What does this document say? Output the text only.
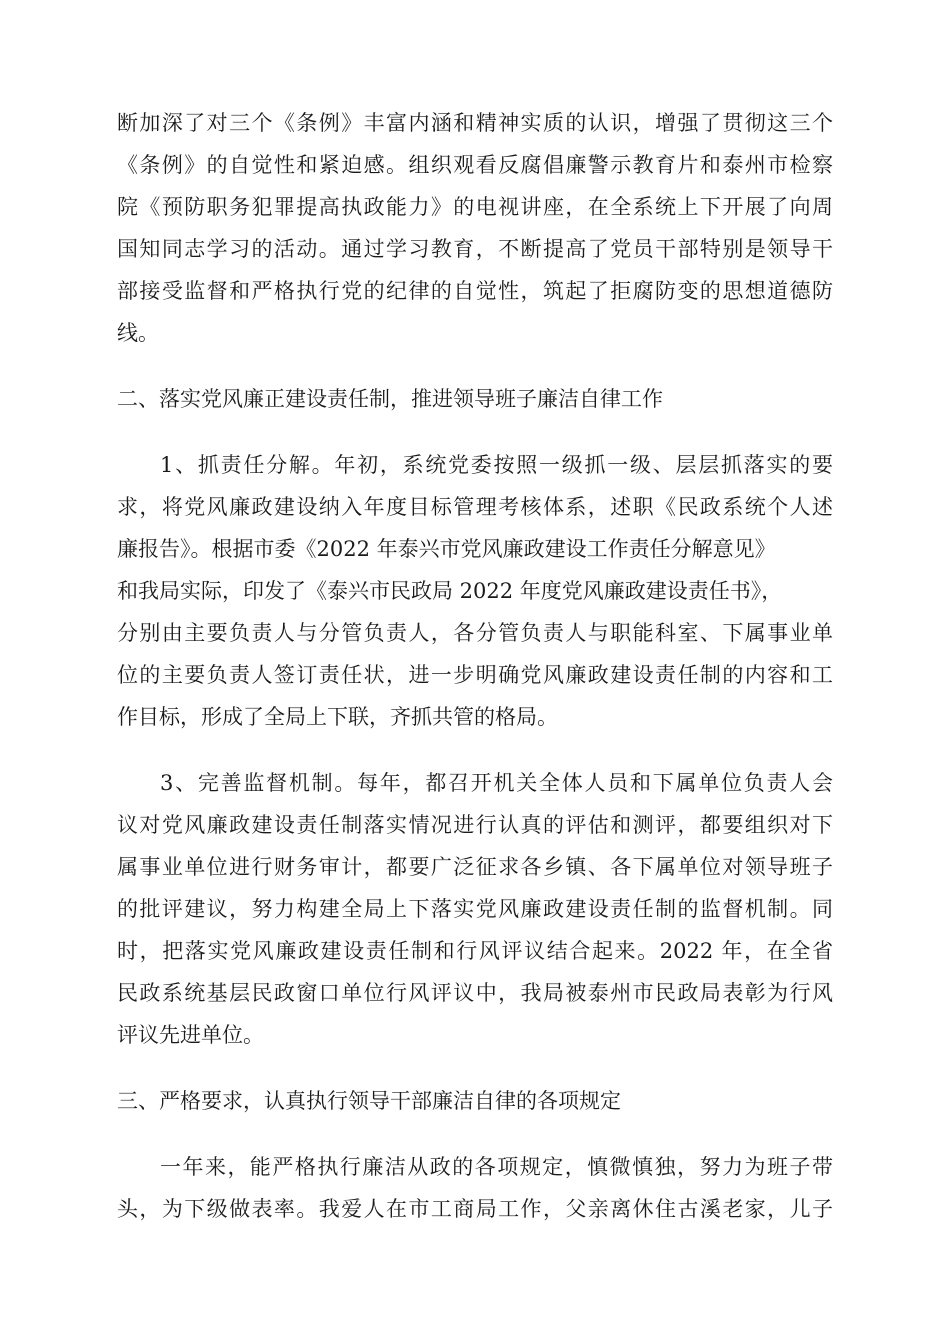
断加深了对三个《条例》丰富内涵和精神实质的认识，增强了贯彻这三个

《条例》的自觉性和紧迫感。组织观看反腐倡廉警示教育片和泰州市检察

院《预防职务犯罪提高执政能力》的电视讲座，在全系统上下开展了向周

国知同志学习的活动。通过学习教育，不断提高了党员干部特别是领导干

部接受监督和严格执行党的纪律的自觉性，筑起了拒腐防变的思想道德防

线。

二、落实党风廉正建设责任制，推进领导班子廉洁自律工作

1、抓责任分解。年初，系统党委按照一级抓一级、层层抓落实的要

求，将党风廉政建设纳入年度目标管理考核体系，述职《民政系统个人述

廉报告》。根据市委《2022 年泰兴市党风廉政建设工作责任分解意见》

和我局实际，印发了《泰兴市民政局 2022 年度党风廉政建设责任书》，

分别由主要负责人与分管负责人，各分管负责人与职能科室、下属事业单

位的主要负责人签订责任状，进一步明确党风廉政建设责任制的内容和工

作目标，形成了全局上下联，齐抓共管的格局。

3、完善监督机制。每年，都召开机关全体人员和下属单位负责人会

议对党风廉政建设责任制落实情况进行认真的评估和测评，都要组织对下

属事业单位进行财务审计，都要广泛征求各乡镇、各下属单位对领导班子

的批评建议，努力构建全局上下落实党风廉政建设责任制的监督机制。同

时，把落实党风廉政建设责任制和行风评议结合起来。2022 年，在全省

民政系统基层民政窗口单位行风评议中，我局被泰州市民政局表彰为行风

评议先进单位。

三、严格要求，认真执行领导干部廉洁自律的各项规定

一年来，能严格执行廉洁从政的各项规定，慎微慎独，努力为班子带

头，为下级做表率。我爱人在市工商局工作，父亲离休住古溪老家，儿子
